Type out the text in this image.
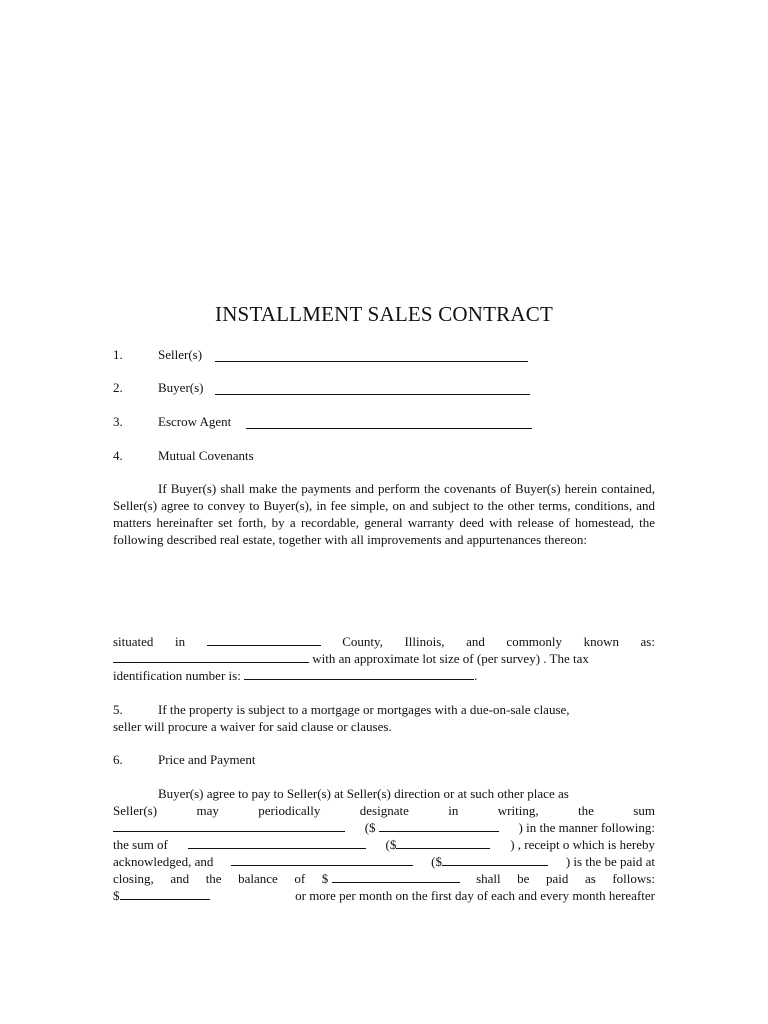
INSTALLMENT SALES CONTRACT
1.	Seller(s)
2.	Buyer(s)
3.	Escrow Agent
4.	Mutual Covenants
If Buyer(s) shall make the payments and perform the covenants of Buyer(s) herein contained, Seller(s) agree to convey to Buyer(s), in fee simple, on and subject to the other terms, conditions, and matters hereinafter set forth, by a recordable, general warranty deed with release of homestead, the following described real estate, together with all improvements and appurtenances thereon:
situated in	County, Illinois, and commonly known as:
with an approximate lot size of (per survey) . The tax
identification number is:	.
5.	If the property is subject to a mortgage or mortgages with a due-on-sale clause,
seller will procure a waiver for said clause or clauses.
6.	Price and Payment
Buyer(s) agree to pay to Seller(s) at Seller(s) direction or at such other place as
Seller(s)	may	periodically	designate	in	writing,	the	sum
($	) in the manner following:
the sum of	($	) , receipt o which is hereby
acknowledged, and	($	) is the be paid at
closing, and the balance of $	shall be paid as follows:
$	or more per month on the first day of each and every month hereafter
